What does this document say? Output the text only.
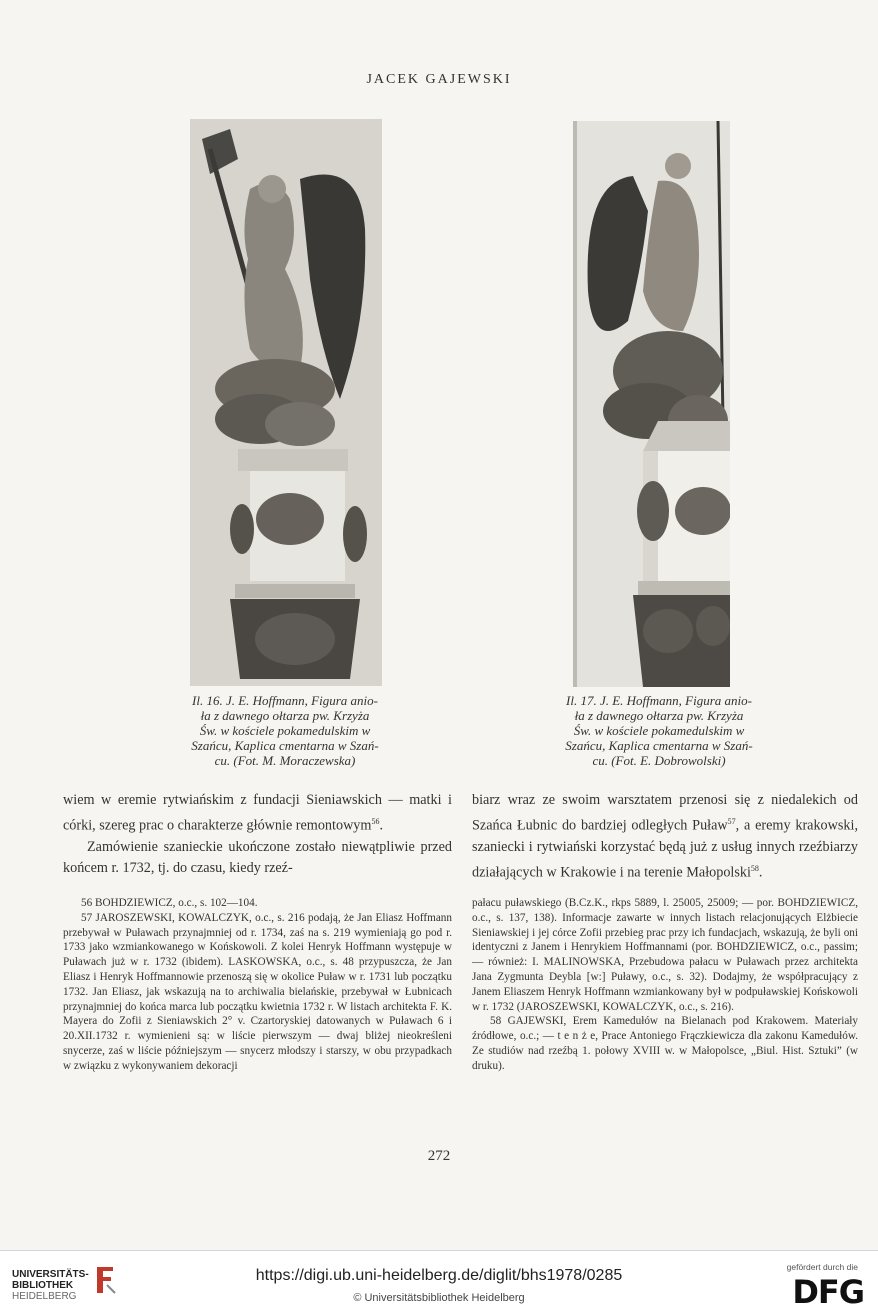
JACEK GAJEWSKI
Il. 16. J. E. Hoffmann, Figura anio-
ła z dawnego ołtarza pw. Krzyża
Św. w kościele pokamedulskim w
Szańcu, Kaplica cmentarna w Szań-
cu. (Fot. M. Moraczewska)
Il. 17. J. E. Hoffmann, Figura anio-
ła z dawnego ołtarza pw. Krzyża
Św. w kościele pokamedulskim w
Szańcu, Kaplica cmentarna w Szań-
cu. (Fot. E. Dobrowolski)

wiem w eremie rytwiańskim z fundacji Sieniawskich — matki i córki, szereg prac o charakterze głównie remontowym$^{56}$.

Zamówienie szanieckie ukończone zostało niewątpliwie przed końcem r. 1732, tj. do czasu, kiedy rzeź-

biarz wraz ze swoim warsztatem przenosi się z niedalekich od Szańca Łubnic do bardziej odległych Puław$^{57}$, a eremy krakowski, szaniecki i rytwiański korzystać będą już z usług innych rzeźbiarzy działających w Krakowie i na terenie Małopolski$^{58}$.

56 BOHDZIEWICZ, o.c., s. 102—104.

57 JAROSZEWSKI, KOWALCZYK, o.c., s. 216 podają, że Jan Eliasz Hoffmann przebywał w Puławach przynajmniej od r. 1734, zaś na s. 219 wymieniają go pod r. 1733 jako wzmiankowanego w Końskowoli. Z kolei Henryk Hoffmann występuje w Puławach już w r. 1732 (ibidem). LASKOWSKA, o.c., s. 48 przypuszcza, że Jan Eliasz i Henryk Hoffmannowie przenoszą się w okolice Puław w r. 1731 lub początku 1732. Jan Eliasz, jak wskazują na to archiwalia bielańskie, przebywał w Łubnicach przynajmniej do końca marca lub początku kwietnia 1732 r. W listach architekta F. K. Mayera do Zofii z Sieniawskich 2° v. Czartoryskiej datowanych w Puławach 6 i 20.XII.1732 r. wymienieni są: w liście pierwszym — dwaj bliżej nieokreśleni snycerze, zaś w liście późniejszym — snycerz młodszy i starszy, w obu przypadkach w związku z wykonywaniem dekoracji

pałacu puławskiego (B.Cz.K., rkps 5889, l. 25005, 25009; — por. BOHDZIEWICZ, o.c., s. 137, 138). Informacje zawarte w innych listach relacjonujących Elżbiecie Sieniawskiej i jej córce Zofii przebieg prac przy ich fundacjach, wskazują, że byli oni identyczni z Janem i Henrykiem Hoffmannami (por. BOHDZIEWICZ, o.c., passim; — również: I. MALINOWSKA, Przebudowa pałacu w Puławach przez architekta Jana Zygmunta Deybla [w:] Puławy, o.c., s. 32). Dodajmy, że współpracujący z Janem Eliaszem Henryk Hoffmann wzmiankowany był w podpuławskiej Końskowoli w r. 1732 (JAROSZEWSKI, KOWALCZYK, o.c., s. 216).

58 GAJEWSKI, Erem Kamedułów na Bielanach pod Krakowem. Materiały źródłowe, o.c.; — t e n ż e, Prace Antoniego Frączkiewicza dla zakonu Kamedułów. Ze studiów nad rzeźbą 1. połowy XVIII w. w Małopolsce, „Biul. Hist. Sztuki” (w druku).

272
UNIVERSITÄTS-
BIBLIOTHEK
HEIDELBERG
https://digi.ub.uni-heidelberg.de/diglit/bhs1978/0285
© Universitätsbibliothek Heidelberg
gefördert durch die
DFG
